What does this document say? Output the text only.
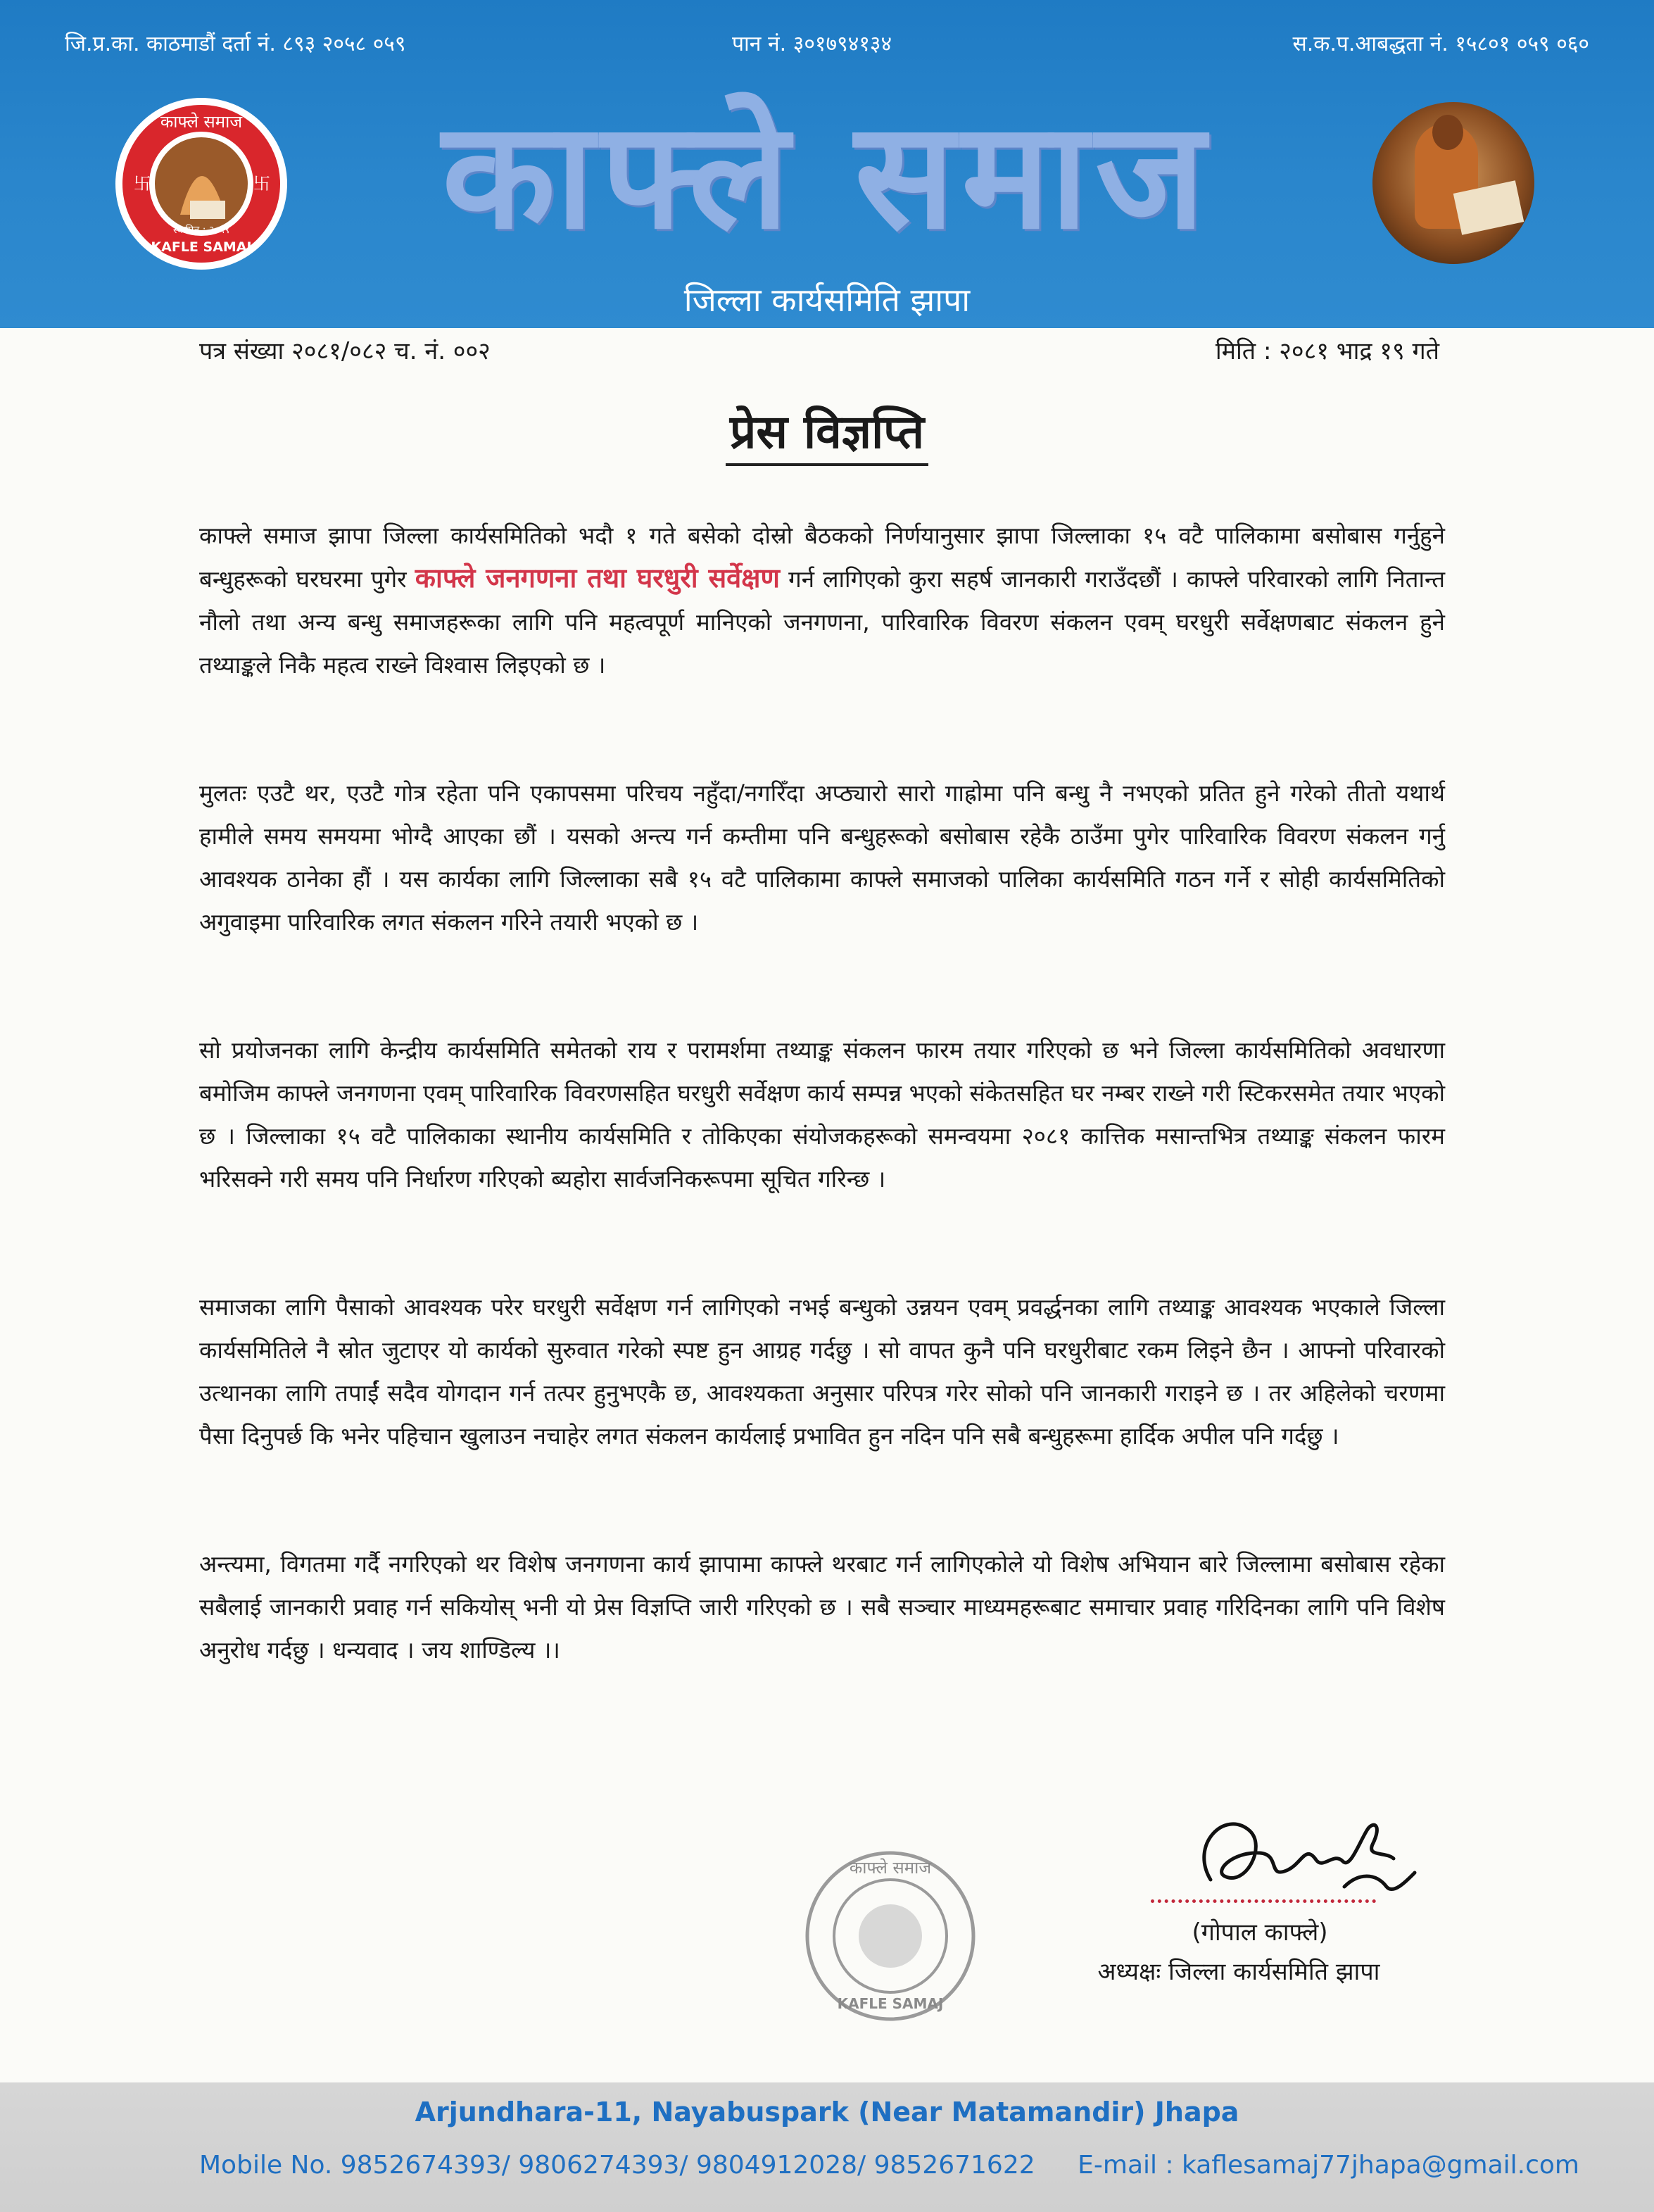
जि.प्र.का. काठमाडौं दर्ता नं. ८९३ २०५८ ०५९	पान नं. ३०१७९४१३४	स.क.प.आबद्धता नं. १५८०१ ०५९ ०६०
काफ्ले समाज
KAFLE SAMAJ
स्थापित : २०५९
卐	卐	काफ्ले समाज
जिल्ला कार्यसमिति झापा
पत्र संख्या २०८१/०८२ च. नं. ००२	मिति : २०८१ भाद्र १९ गते
प्रेस विज्ञप्ति

काफ्ले समाज झापा जिल्ला कार्यसमितिको भदौ १ गते बसेको दोस्रो बैठकको निर्णयानुसार झापा जिल्लाका १५ वटै पालिकामा बसोबास गर्नुहुने बन्धुहरूको घरघरमा पुगेर काफ्ले जनगणना तथा घरधुरी सर्वेक्षण गर्न लागिएको कुरा सहर्ष जानकारी गराउँदछौं । काफ्ले परिवारको लागि नितान्त नौलो तथा अन्य बन्धु समाजहरूका लागि पनि महत्वपूर्ण मानिएको जनगणना, पारिवारिक विवरण संकलन एवम् घरधुरी सर्वेक्षणबाट संकलन हुने तथ्याङ्कले निकै महत्व राख्ने विश्वास लिइएको छ ।

मुलतः एउटै थर, एउटै गोत्र रहेता पनि एकापसमा परिचय नहुँदा/नगरिँदा अप्ठ्यारो सारो गाह्रोमा पनि बन्धु नै नभएको प्रतित हुने गरेको तीतो यथार्थ हामीले समय समयमा भोग्दै आएका छौं । यसको अन्त्य गर्न कम्तीमा पनि बन्धुहरूको बसोबास रहेकै ठाउँमा पुगेर पारिवारिक विवरण संकलन गर्नु आवश्यक ठानेका हौं । यस कार्यका लागि जिल्लाका सबै १५ वटै पालिकामा काफ्ले समाजको पालिका कार्यसमिति गठन गर्ने र सोही कार्यसमितिको अगुवाइमा पारिवारिक लगत संकलन गरिने तयारी भएको छ ।

सो प्रयोजनका लागि केन्द्रीय कार्यसमिति समेतको राय र परामर्शमा तथ्याङ्क संकलन फारम तयार गरिएको छ भने जिल्ला कार्यसमितिको अवधारणा बमोजिम काफ्ले जनगणना एवम् पारिवारिक विवरणसहित घरधुरी सर्वेक्षण कार्य सम्पन्न भएको संकेतसहित घर नम्बर राख्ने गरी स्टिकरसमेत तयार भएको छ । जिल्लाका १५ वटै पालिकाका स्थानीय कार्यसमिति र तोकिएका संयोजकहरूको समन्वयमा २०८१ कात्तिक मसान्तभित्र तथ्याङ्क संकलन फारम भरिसक्ने गरी समय पनि निर्धारण गरिएको ब्यहोरा सार्वजनिकरूपमा सूचित गरिन्छ ।

समाजका लागि पैसाको आवश्यक परेर घरधुरी सर्वेक्षण गर्न लागिएको नभई बन्धुको उन्नयन एवम् प्रवर्द्धनका लागि तथ्याङ्क आवश्यक भएकाले जिल्ला कार्यसमितिले नै स्रोत जुटाएर यो कार्यको सुरुवात गरेको स्पष्ट हुन आग्रह गर्दछु । सो वापत कुनै पनि घरधुरीबाट रकम लिइने छैन । आफ्नो परिवारको उत्थानका लागि तपाईं सदैव योगदान गर्न तत्पर हुनुभएकै छ, आवश्यकता अनुसार परिपत्र गरेर सोको पनि जानकारी गराइने छ । तर अहिलेको चरणमा पैसा दिनुपर्छ कि भनेर पहिचान खुलाउन नचाहेर लगत संकलन कार्यलाई प्रभावित हुन नदिन पनि सबै बन्धुहरूमा हार्दिक अपील पनि गर्दछु ।

अन्त्यमा, विगतमा गर्दै नगरिएको थर विशेष जनगणना कार्य झापामा काफ्ले थरबाट गर्न लागिएकोले यो विशेष अभियान बारे जिल्लामा बसोबास रहेका सबैलाई जानकारी प्रवाह गर्न सकियोस् भनी यो प्रेस विज्ञप्ति जारी गरिएको छ । सबै सञ्चार माध्यमहरूबाट समाचार प्रवाह गरिदिनका लागि पनि विशेष अनुरोध गर्दछु । धन्यवाद । जय शाण्डिल्य ।।

(गोपाल काफ्ले)
अध्यक्षः जिल्ला कार्यसमिति झापा
काफ्ले समाज
KAFLE SAMAJ
Arjundhara-11, Nayabuspark (Near Matamandir) Jhapa
Mobile No. 9852674393/ 9806274393/ 9804912028/ 9852671622 E-mail : kaflesamaj77jhapa@gmail.com
